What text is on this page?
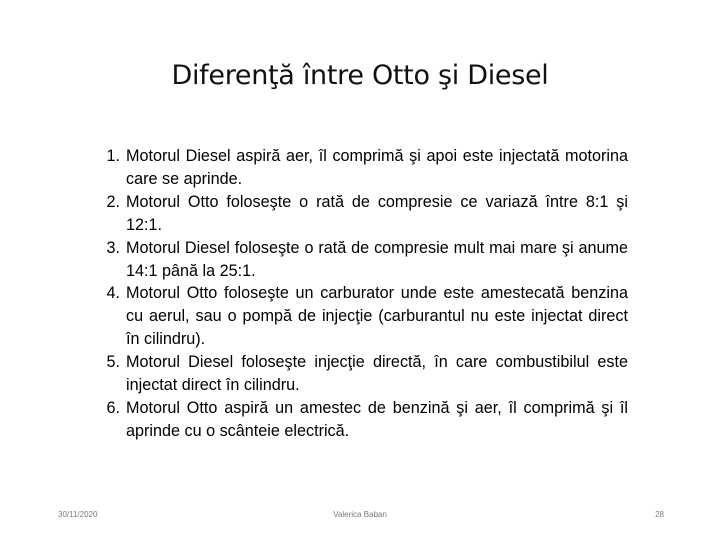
Diferenţă între Otto şi Diesel
1. Motorul Diesel aspiră aer, îl comprimă şi apoi este injectată motorina care se aprinde.
2. Motorul Otto foloseşte o rată de compresie ce variază între 8:1 şi 12:1.
3. Motorul Diesel foloseşte o rată de compresie mult mai mare şi anume 14:1 până la 25:1.
4. Motorul Otto foloseşte un carburator unde este amestecată benzina cu aerul, sau o pompă de injecţie (carburantul nu este injectat direct în cilindru).
5. Motorul Diesel foloseşte injecţie directă, în care combustibilul este injectat direct în cilindru.
6. Motorul Otto aspiră un amestec de benzină şi aer, îl comprimă şi îl aprinde cu o scânteie electrică.
30/11/2020	Valerica Baban	28
